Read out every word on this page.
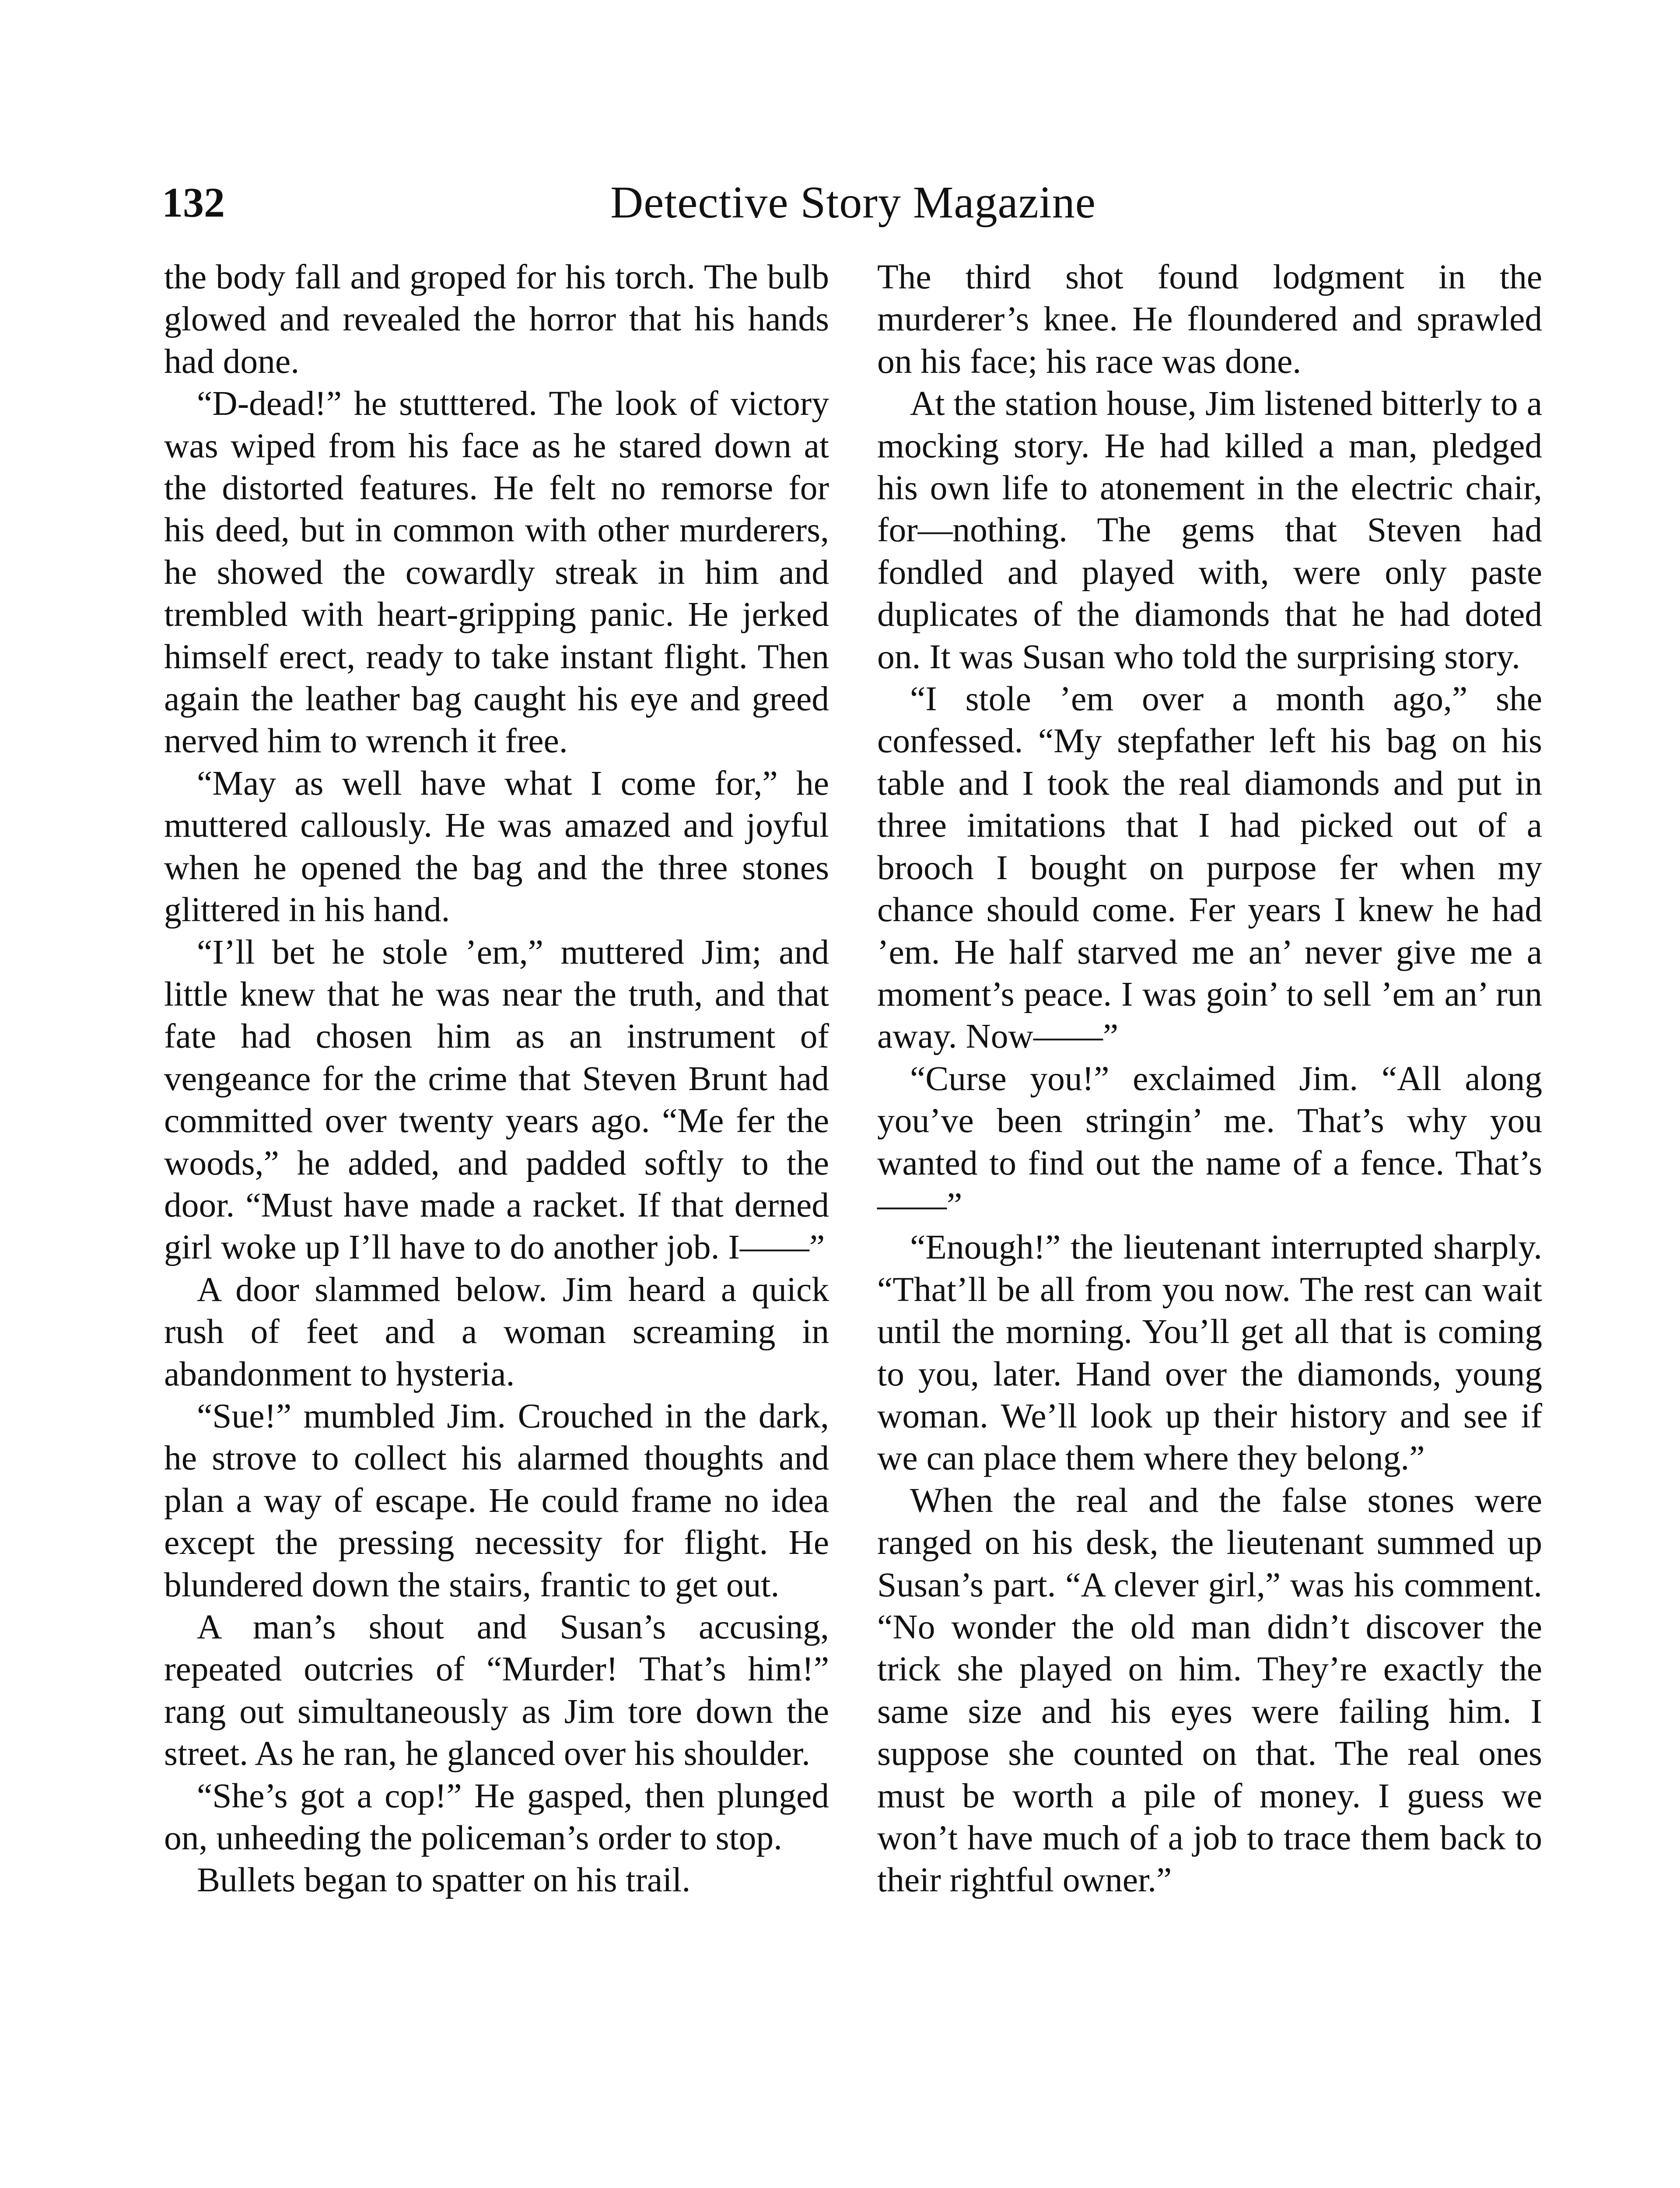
132	Detective Story Magazine

the body fall and groped for his torch. The bulb glowed and revealed the horror that his hands had done.

“D-dead!” he stutttered. The look of victory was wiped from his face as he stared down at the distorted features. He felt no remorse for his deed, but in common with other murderers, he showed the cowardly streak in him and trembled with heart-gripping panic. He jerked himself erect, ready to take instant flight. Then again the leather bag caught his eye and greed nerved him to wrench it free.

“May as well have what I come for,” he muttered callously. He was amazed and joyful when he opened the bag and the three stones glittered in his hand.

“I’ll bet he stole ’em,” muttered Jim; and little knew that he was near the truth, and that fate had chosen him as an instrument of vengeance for the crime that Steven Brunt had committed over twenty years ago. “Me fer the woods,” he added, and padded softly to the door. “Must have made a racket. If that derned girl woke up I’ll have to do another job. I——”

A door slammed below. Jim heard a quick rush of feet and a woman screaming in abandonment to hysteria.

“Sue!” mumbled Jim. Crouched in the dark, he strove to collect his alarmed thoughts and plan a way of escape. He could frame no idea except the pressing necessity for flight. He blundered down the stairs, frantic to get out.

A man’s shout and Susan’s accusing, repeated outcries of “Murder! That’s him!” rang out simultaneously as Jim tore down the street. As he ran, he glanced over his shoulder.

“She’s got a cop!” He gasped, then plunged on, unheeding the policeman’s order to stop.

Bullets began to spatter on his trail.

The third shot found lodgment in the murderer’s knee. He floundered and sprawled on his face; his race was done.

At the station house, Jim listened bitterly to a mocking story. He had killed a man, pledged his own life to atonement in the electric chair, for—nothing. The gems that Steven had fondled and played with, were only paste duplicates of the diamonds that he had doted on. It was Susan who told the surprising story.

“I stole ’em over a month ago,” she confessed. “My stepfather left his bag on his table and I took the real diamonds and put in three imitations that I had picked out of a brooch I bought on purpose fer when my chance should come. Fer years I knew he had ’em. He half starved me an’ never give me a moment’s peace. I was goin’ to sell ’em an’ run away. Now——”

“Curse you!” exclaimed Jim. “All along you’ve been stringin’ me. That’s why you wanted to find out the name of a fence. That’s——”

“Enough!” the lieutenant interrupted sharply. “That’ll be all from you now. The rest can wait until the morning. You’ll get all that is coming to you, later. Hand over the diamonds, young woman. We’ll look up their history and see if we can place them where they belong.”

When the real and the false stones were ranged on his desk, the lieutenant summed up Susan’s part. “A clever girl,” was his comment. “No wonder the old man didn’t discover the trick she played on him. They’re exactly the same size and his eyes were failing him. I suppose she counted on that. The real ones must be worth a pile of money. I guess we won’t have much of a job to trace them back to their rightful owner.”
